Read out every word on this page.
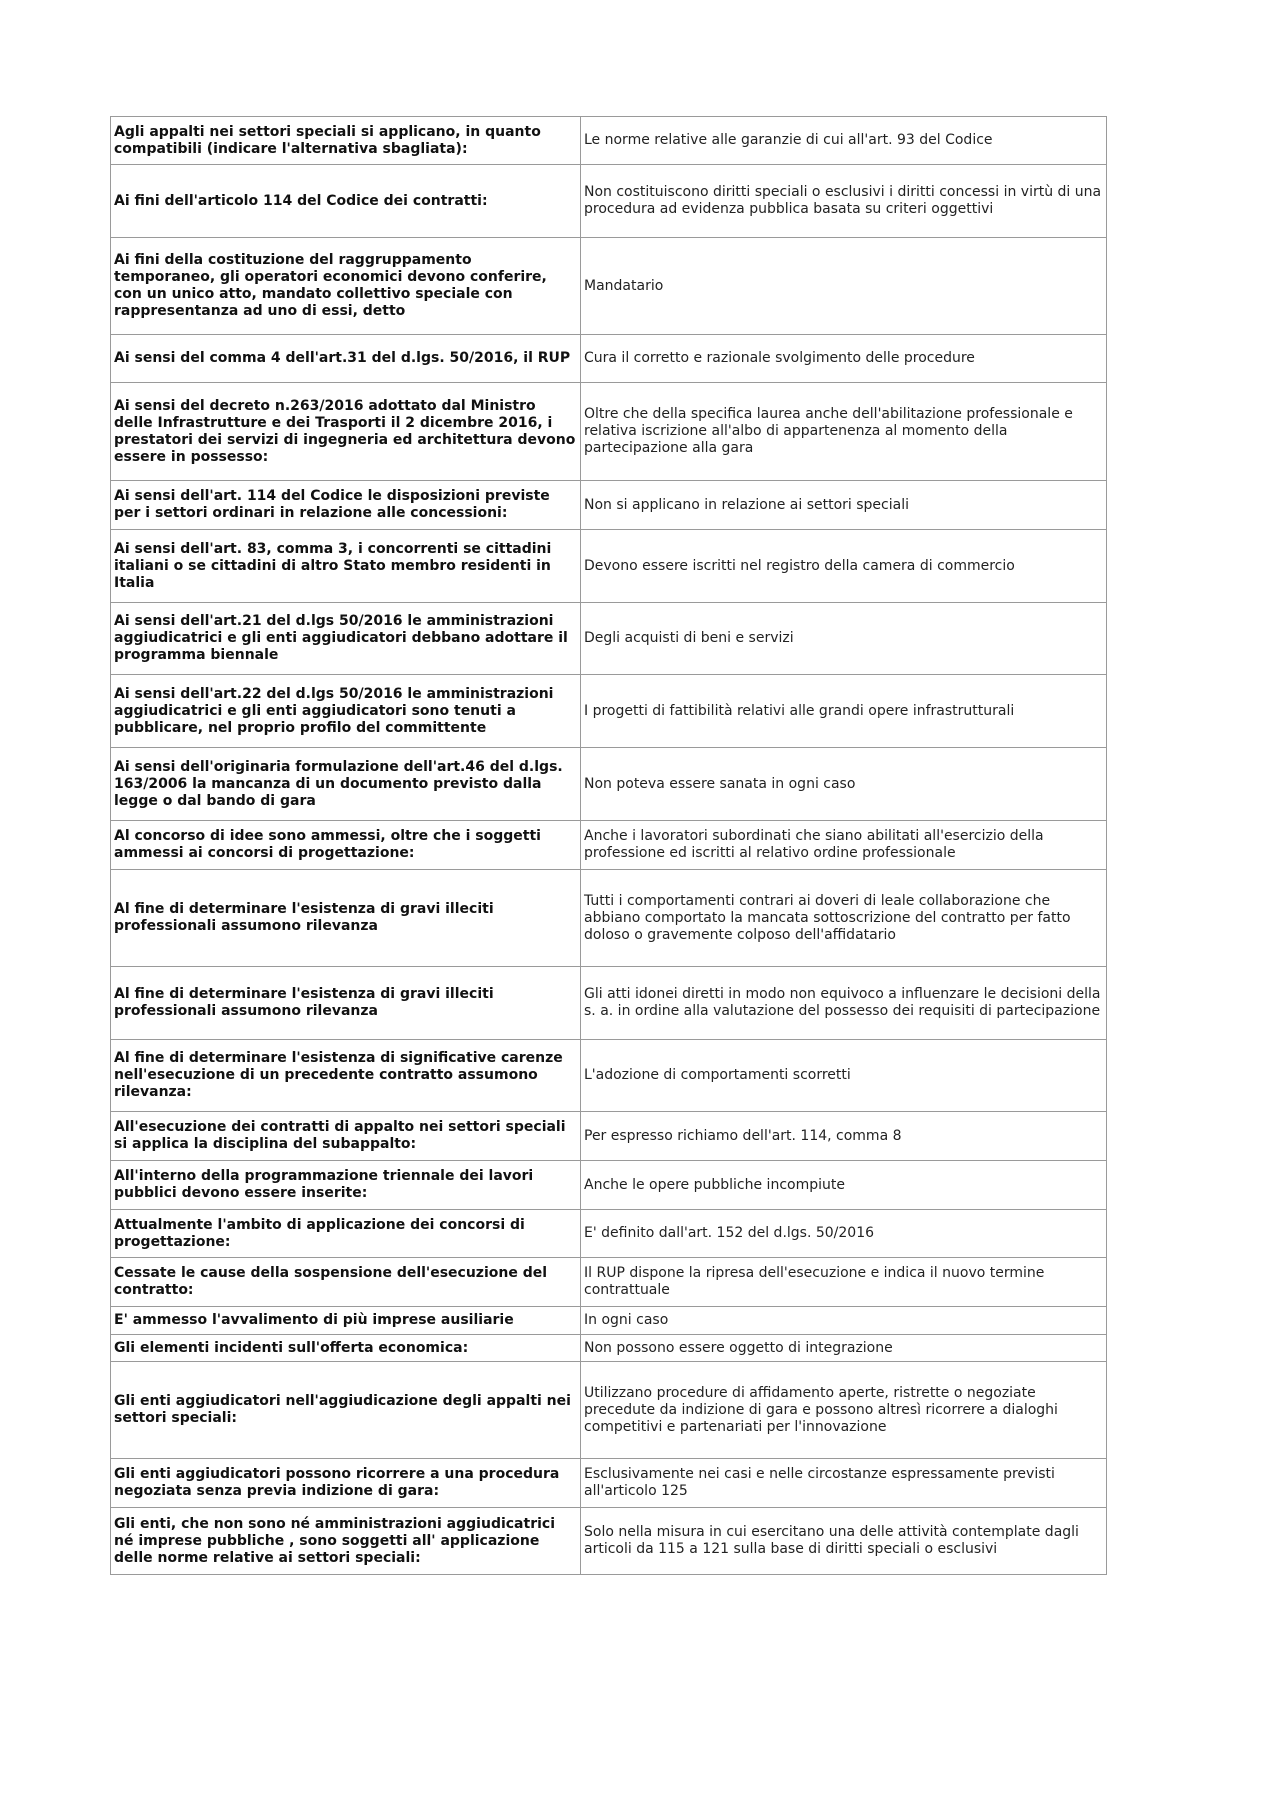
Agli appalti nei settori speciali si applicano, in quanto compatibili (indicare l'alternativa sbagliata):	Le norme relative alle garanzie di cui all'art. 93 del Codice
Ai fini dell'articolo 114 del Codice dei contratti:	Non costituiscono diritti speciali o esclusivi i diritti concessi in virtù di una procedura ad evidenza pubblica basata su criteri oggettivi
Ai fini della costituzione del raggruppamento temporaneo, gli operatori economici devono conferire, con un unico atto, mandato collettivo speciale con rappresentanza ad uno di essi, detto	Mandatario
Ai sensi del comma 4 dell'art.31 del d.lgs. 50/2016, il RUP	Cura il corretto e razionale svolgimento delle procedure
Ai sensi del decreto n.263/2016 adottato dal Ministro delle Infrastrutture e dei Trasporti il 2 dicembre 2016, i prestatori dei servizi di ingegneria ed architettura devono essere in possesso:	Oltre che della specifica laurea anche dell'abilitazione professionale e relativa iscrizione all'albo di appartenenza al momento della partecipazione alla gara
Ai sensi dell'art. 114 del Codice le disposizioni previste per i settori ordinari in relazione alle concessioni:	Non si applicano in relazione ai settori speciali
Ai sensi dell'art. 83, comma 3, i concorrenti se cittadini italiani o se cittadini di altro Stato membro residenti in Italia	Devono essere iscritti nel registro della camera di commercio
Ai sensi dell'art.21 del d.lgs 50/2016 le amministrazioni aggiudicatrici e gli enti aggiudicatori debbano adottare il programma biennale	Degli acquisti di beni e servizi
Ai sensi dell'art.22 del d.lgs 50/2016 le amministrazioni aggiudicatrici e gli enti aggiudicatori sono tenuti a pubblicare, nel proprio profilo del committente	I progetti di fattibilità relativi alle grandi opere infrastrutturali
Ai sensi dell'originaria formulazione dell'art.46 del d.lgs. 163/2006 la mancanza di un documento previsto dalla legge o dal bando di gara	Non poteva essere sanata in ogni caso
Al concorso di idee sono ammessi, oltre che i soggetti ammessi ai concorsi di progettazione:	Anche i lavoratori subordinati che siano abilitati all'esercizio della professione ed iscritti al relativo ordine professionale
Al fine di determinare l'esistenza di gravi illeciti professionali assumono rilevanza	Tutti i comportamenti contrari ai doveri di leale collaborazione che abbiano comportato la mancata sottoscrizione del contratto per fatto doloso o gravemente colposo dell'affidatario
Al fine di determinare l'esistenza di gravi illeciti professionali assumono rilevanza	Gli atti idonei diretti in modo non equivoco a influenzare le decisioni della s. a. in ordine alla valutazione del possesso dei requisiti di partecipazione
Al fine di determinare l'esistenza di significative carenze nell'esecuzione di un precedente contratto assumono rilevanza:	L'adozione di comportamenti scorretti
All'esecuzione dei contratti di appalto nei settori speciali si applica la disciplina del subappalto:	Per espresso richiamo dell'art. 114, comma 8
All'interno della programmazione triennale dei lavori pubblici devono essere inserite:	Anche le opere pubbliche incompiute
Attualmente l'ambito di applicazione dei concorsi di progettazione:	E' definito dall'art. 152 del d.lgs. 50/2016
Cessate le cause della sospensione dell'esecuzione del contratto:	Il RUP dispone la ripresa dell'esecuzione e indica il nuovo termine contrattuale
E' ammesso l'avvalimento di più imprese ausiliarie	In ogni caso
Gli elementi incidenti sull'offerta economica:	Non possono essere oggetto di integrazione
Gli enti aggiudicatori nell'aggiudicazione degli appalti nei settori speciali:	Utilizzano procedure di affidamento aperte, ristrette o negoziate precedute da indizione di gara e possono altresì ricorrere a dialoghi competitivi e partenariati per l'innovazione
Gli enti aggiudicatori possono ricorrere a una procedura negoziata senza previa indizione di gara:	Esclusivamente nei casi e nelle circostanze espressamente previsti all'articolo 125
Gli enti, che non sono né amministrazioni aggiudicatrici né imprese pubbliche , sono soggetti all' applicazione delle norme relative ai settori speciali:	Solo nella misura in cui esercitano una delle attività contemplate dagli articoli da 115 a 121 sulla base di diritti speciali o esclusivi
